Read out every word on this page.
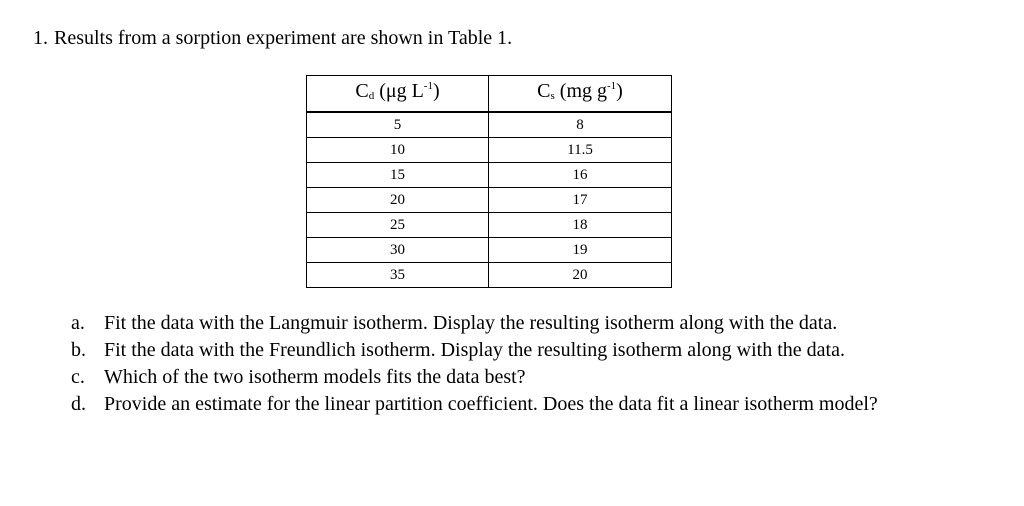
1. Results from a sorption experiment are shown in Table 1.
$C_d$ (μg $L^{-1}$)	$C_s$ (mg $g^{-1}$)
5	8
10	11.5
15	16
20	17
25	18
30	19
35	20
a. Fit the data with the Langmuir isotherm. Display the resulting isotherm along with the data.
b. Fit the data with the Freundlich isotherm. Display the resulting isotherm along with the data.
c. Which of the two isotherm models fits the data best?
d. Provide an estimate for the linear partition coefficient. Does the data fit a linear isotherm model?
